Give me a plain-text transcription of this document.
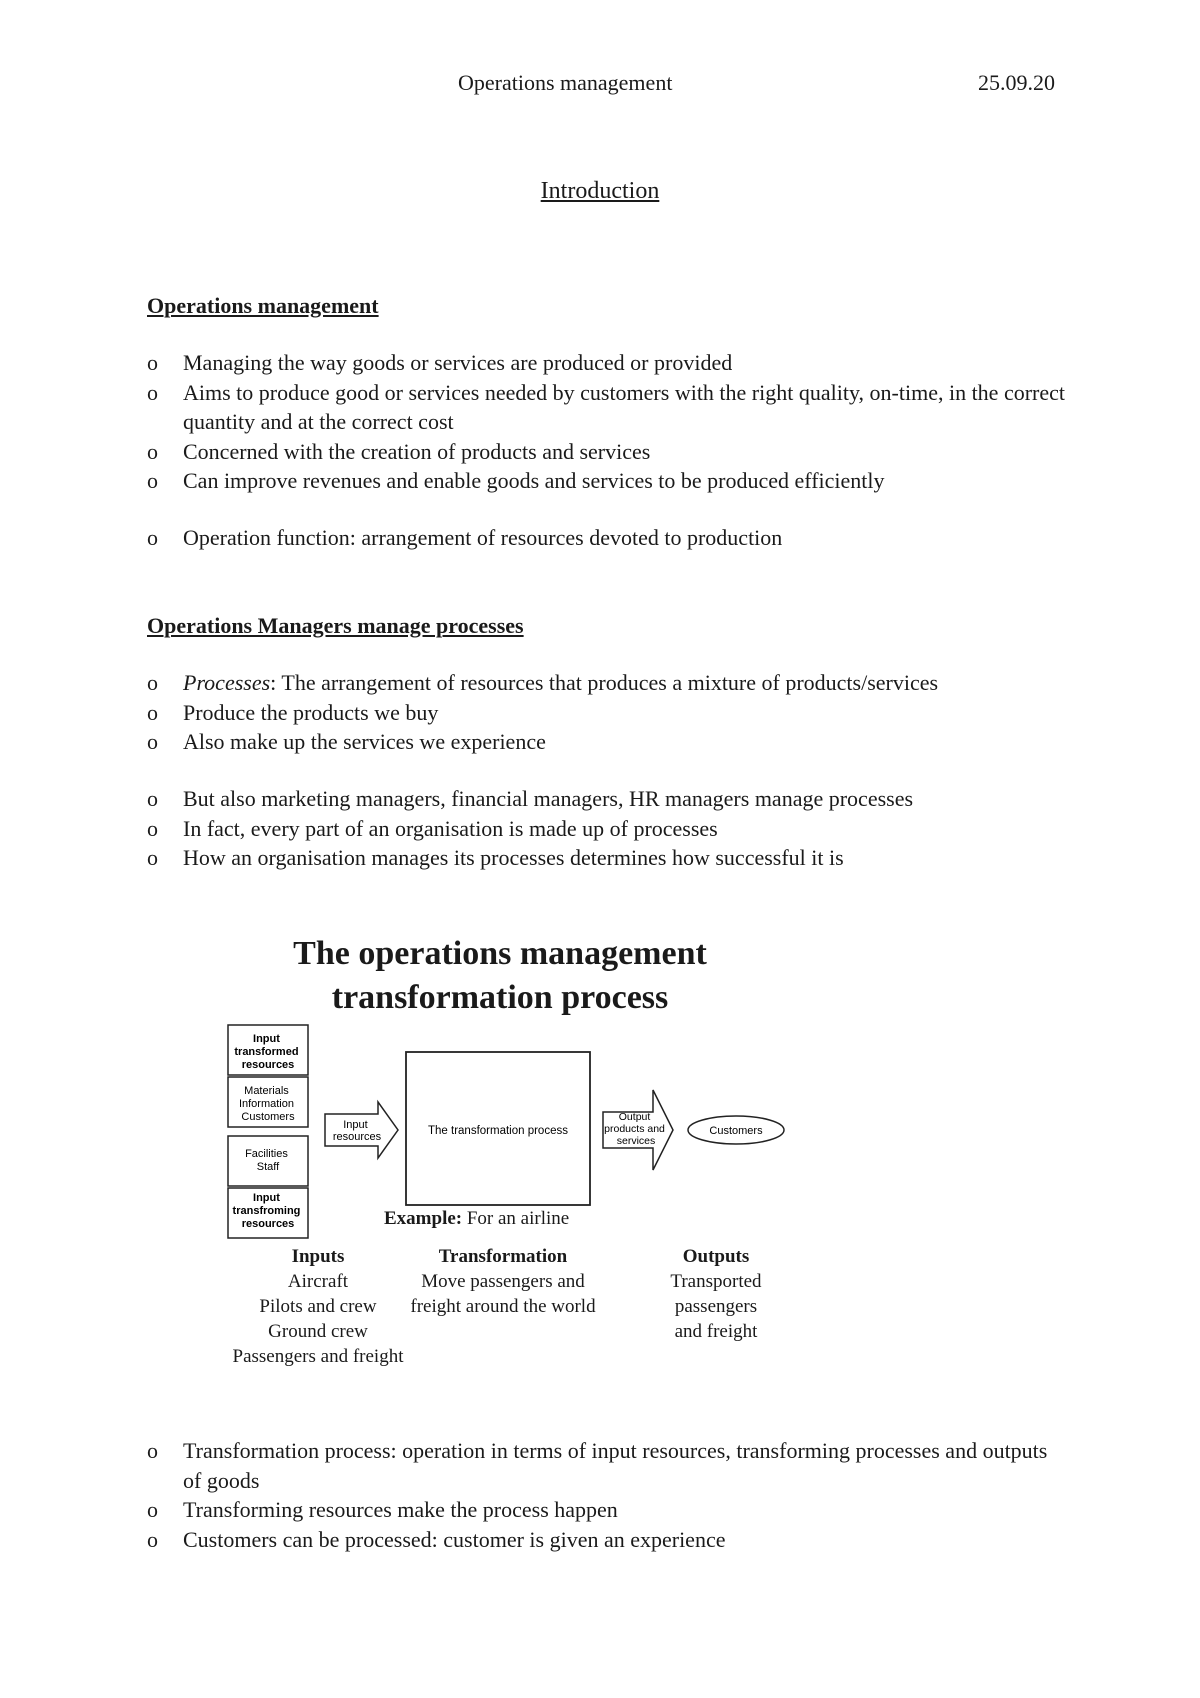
Operations management	25.09.20
Introduction
Operations management
o Managing the way goods or services are produced or provided
o Aims to produce good or services needed by customers with the right quality, on-time, in the correct quantity and at the correct cost
o Concerned with the creation of products and services
o Can improve revenues and enable goods and services to be produced efficiently
o Operation function: arrangement of resources devoted to production
Operations Managers manage processes
o Processes: The arrangement of resources that produces a mixture of products/services
o Produce the products we buy
o Also make up the services we experience
o But also marketing managers, financial managers, HR managers manage processes
o In fact, every part of an organisation is made up of processes
o How an organisation manages its processes determines how successful it is
The operations management
transformation process
Input transformed resources
Materials Information Customers
Facilities Staff
Input transfroming resources
Input resources	The transformation process
Output products and services
Customers
Example: For an airline
Inputs
Aircraft
Pilots and crew
Ground crew
Passengers and freight
Transformation
Move passengers and
freight around the world
Outputs
Transported
passengers
and freight
o Transformation process: operation in terms of input resources, transforming processes and outputs of goods
o Transforming resources make the process happen
o Customers can be processed: customer is given an experience
